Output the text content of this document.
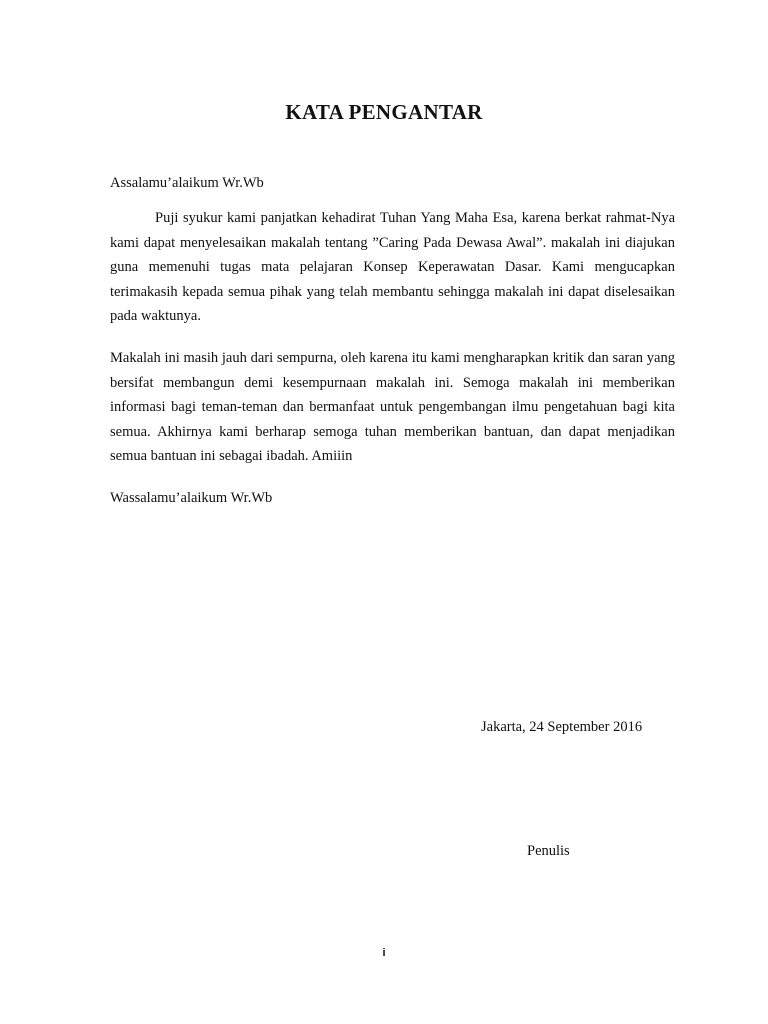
KATA PENGANTAR
Assalamu’alaikum Wr.Wb
Puji syukur kami panjatkan kehadirat Tuhan Yang Maha Esa, karena berkat rahmat-Nya kami dapat menyelesaikan makalah tentang ”Caring Pada Dewasa Awal”. makalah ini diajukan guna memenuhi tugas mata pelajaran Konsep Keperawatan Dasar. Kami mengucapkan terimakasih kepada semua pihak yang telah membantu sehingga makalah ini dapat diselesaikan pada waktunya.
Makalah ini masih jauh dari sempurna, oleh karena itu kami mengharapkan kritik dan saran yang bersifat membangun demi kesempurnaan makalah ini. Semoga makalah ini memberikan informasi bagi teman-teman dan bermanfaat untuk pengembangan ilmu pengetahuan bagi kita semua. Akhirnya kami berharap semoga tuhan memberikan bantuan, dan dapat menjadikan semua bantuan ini sebagai ibadah. Amiiin
Wassalamu’alaikum Wr.Wb
Jakarta, 24 September 2016
Penulis
i
